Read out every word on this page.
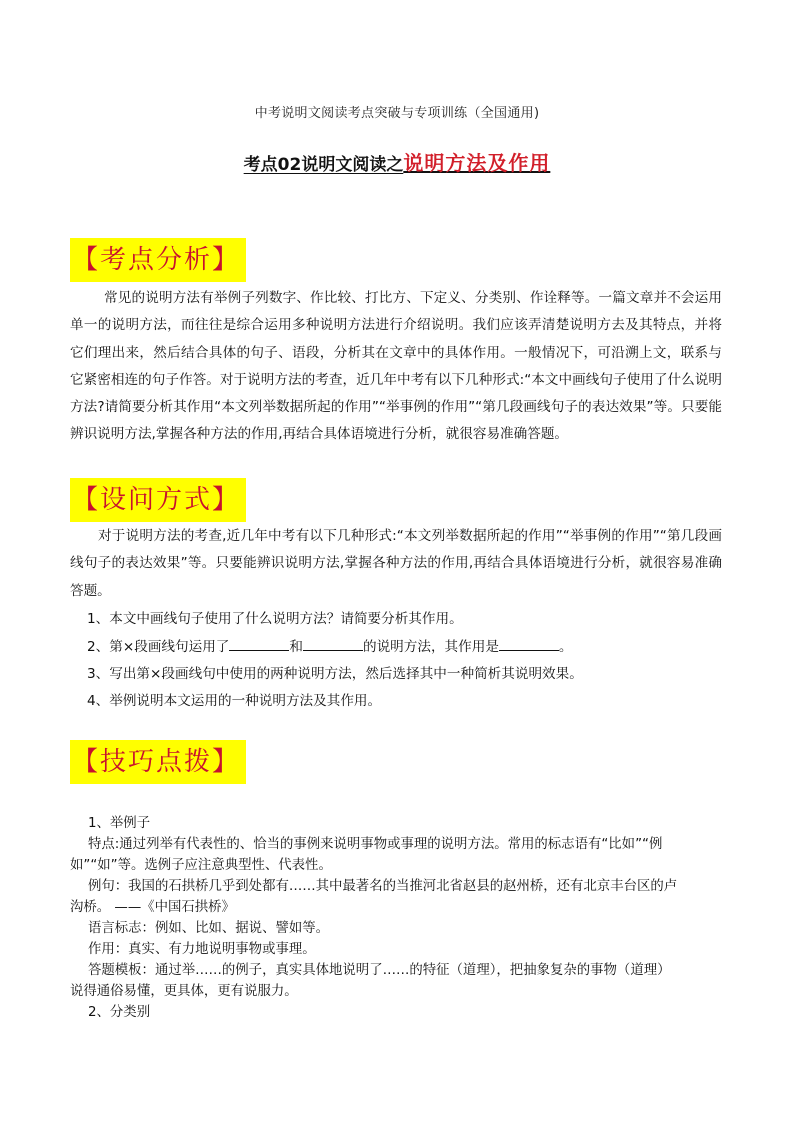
中考说明文阅读考点突破与专项训练（全国通用)
考点02说明文阅读之说明方法及作用
【考点分析】
常见的说明方法有举例子列数字、作比较、打比方、下定义、分类别、作诠释等。一篇文章并不会运用单一的说明方法，而往往是综合运用多种说明方法进行介绍说明。我们应该弄清楚说明方去及其特点，并将它们理出来，然后结合具体的句子、语段，分析其在文章中的具体作用。一般情况下，可沿溯上文，联系与它紧密相连的句子作答。对于说明方法的考查，近几年中考有以下几种形式:“本文中画线句子使用了什么说明方法?请简要分析其作用“本文列举数据所起的作用”“举事例的作用”“第几段画线句子的表达效果”等。只要能辨识说明方法,掌握各种方法的作用,再结合具体语境进行分析，就很容易准确答题。
【设问方式】
对于说明方法的考查,近几年中考有以下几种形式:“本文列举数据所起的作用”“举事例的作用”“第几段画线句子的表达效果”等。只要能辨识说明方法,掌握各种方法的作用,再结合具体语境进行分析，就很容易准确答题。
1、本文中画线句子使用了什么说明方法？请简要分析其作用。
2、第×段画线句运用了	和	的说明方法，其作用是	。
3、写出第×段画线句中使用的两种说明方法，然后选择其中一种简析其说明效果。
4、举例说明本文运用的一种说明方法及其作用。
【技巧点拨】
1、举例子
特点:通过列举有代表性的、恰当的事例来说明事物或事理的说明方法。常用的标志语有“比如”“例
如”“如”等。选例子应注意典型性、代表性。
例句：我国的石拱桥几乎到处都有……其中最著名的当推河北省赵县的赵州桥，还有北京丰台区的卢
沟桥。 ——《中国石拱桥》
语言标志：例如、比如、据说、譬如等。
作用：真实、有力地说明事物或事理。
答题模板：通过举……的例子，真实具体地说明了……的特征（道理），把抽象复杂的事物（道理）
说得通俗易懂，更具体，更有说服力。
2、分类别
